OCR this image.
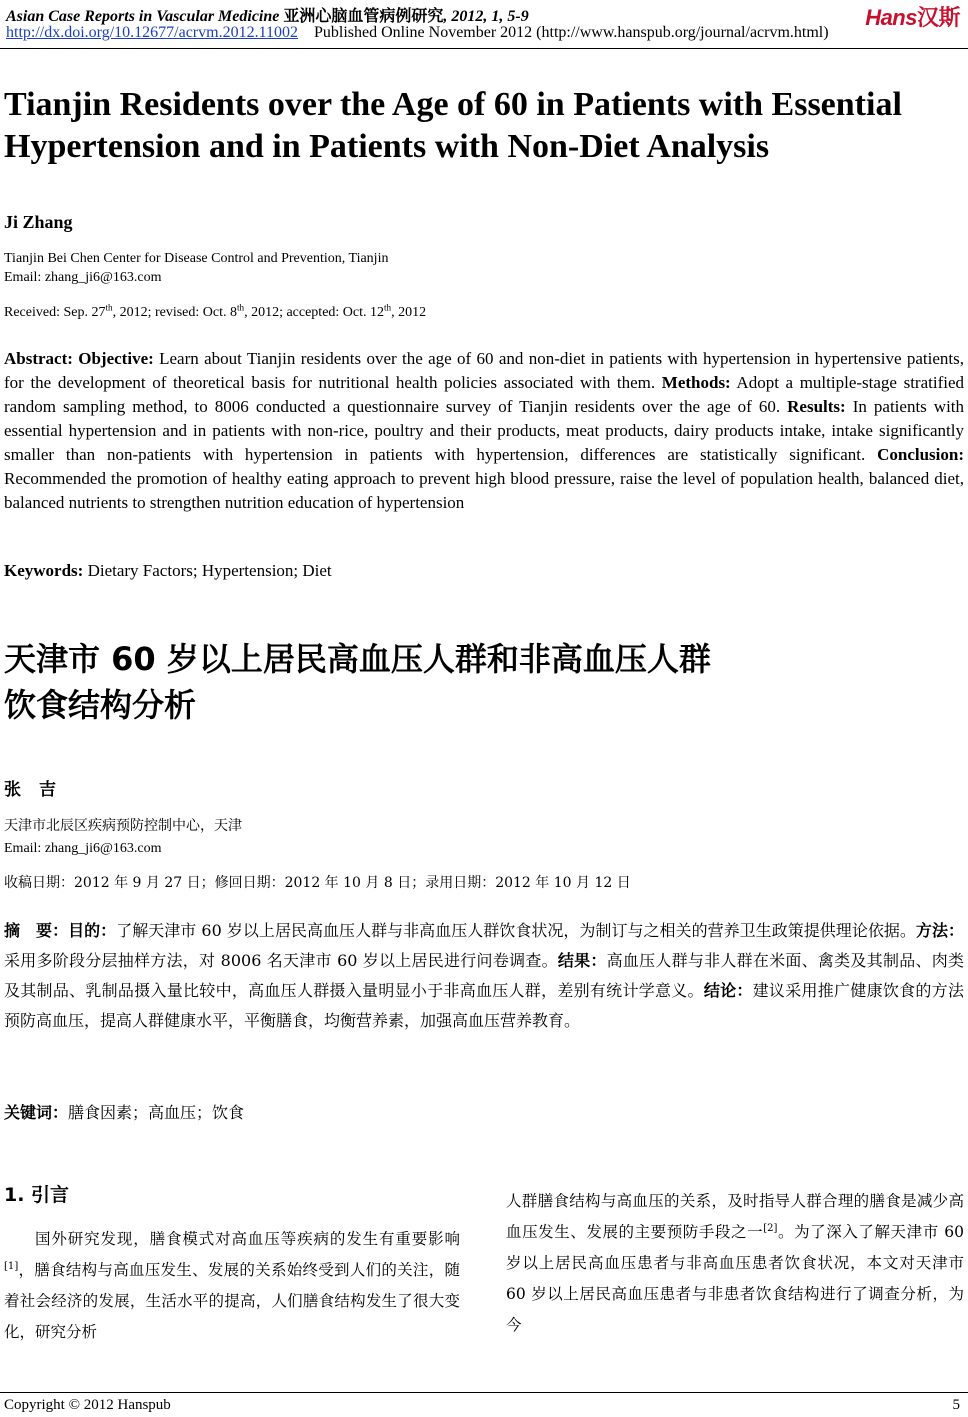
Asian Case Reports in Vascular Medicine 亚洲心脑血管病例研究, 2012, 1, 5-9	Hans汉斯
http://dx.doi.org/10.12677/acrvm.2012.11002 Published Online November 2012 (http://www.hanspub.org/journal/acrvm.html)
Tianjin Residents over the Age of 60 in Patients with Essential Hypertension and in Patients with Non-Diet Analysis
Ji Zhang
Tianjin Bei Chen Center for Disease Control and Prevention, Tianjin
Email: zhang_ji6@163.com
Received: Sep. 27th, 2012; revised: Oct. 8th, 2012; accepted: Oct. 12th, 2012

Abstract: Objective: Learn about Tianjin residents over the age of 60 and non-diet in patients with hypertension in hypertensive patients, for the development of theoretical basis for nutritional health policies associated with them. Methods: Adopt a multiple-stage stratified random sampling method, to 8006 conducted a questionnaire survey of Tianjin residents over the age of 60. Results: In patients with essential hypertension and in patients with non-rice, poultry and their products, meat products, dairy products intake, intake significantly smaller than non-patients with hypertension in patients with hypertension, differences are statistically significant. Conclusion: Recommended the promotion of healthy eating approach to prevent high blood pressure, raise the level of population health, balanced diet, balanced nutrients to strengthen nutrition education of hypertension

Keywords: Dietary Factors; Hypertension; Diet
天津市 60 岁以上居民高血压人群和非高血压人群
饮食结构分析
张吉
天津市北辰区疾病预防控制中心，天津
Email: zhang_ji6@163.com
收稿日期：2012 年 9 月 27 日；修回日期：2012 年 10 月 8 日；录用日期：2012 年 10 月 12 日

摘　要：目的：了解天津市 60 岁以上居民高血压人群与非高血压人群饮食状况，为制订与之相关的营养卫生政策提供理论依据。方法：采用多阶段分层抽样方法，对 8006 名天津市 60 岁以上居民进行问卷调查。结果：高血压人群与非人群在米面、禽类及其制品、肉类及其制品、乳制品摄入量比较中，高血压人群摄入量明显小于非高血压人群，差别有统计学意义。结论：建议采用推广健康饮食的方法预防高血压，提高人群健康水平，平衡膳食，均衡营养素，加强高血压营养教育。

关键词：膳食因素；高血压；饮食
1. 引言

国外研究发现，膳食模式对高血压等疾病的发生有重要影响[1]，膳食结构与高血压发生、发展的关系始终受到人们的关注，随着社会经济的发展，生活水平的提高，人们膳食结构发生了很大变化，研究分析

人群膳食结构与高血压的关系，及时指导人群合理的膳食是减少高血压发生、发展的主要预防手段之一[2]。为了深入了解天津市 60 岁以上居民高血压患者与非高血压患者饮食状况，本文对天津市 60 岁以上居民高血压患者与非患者饮食结构进行了调查分析，为今

Copyright © 2012 Hanspub	5
